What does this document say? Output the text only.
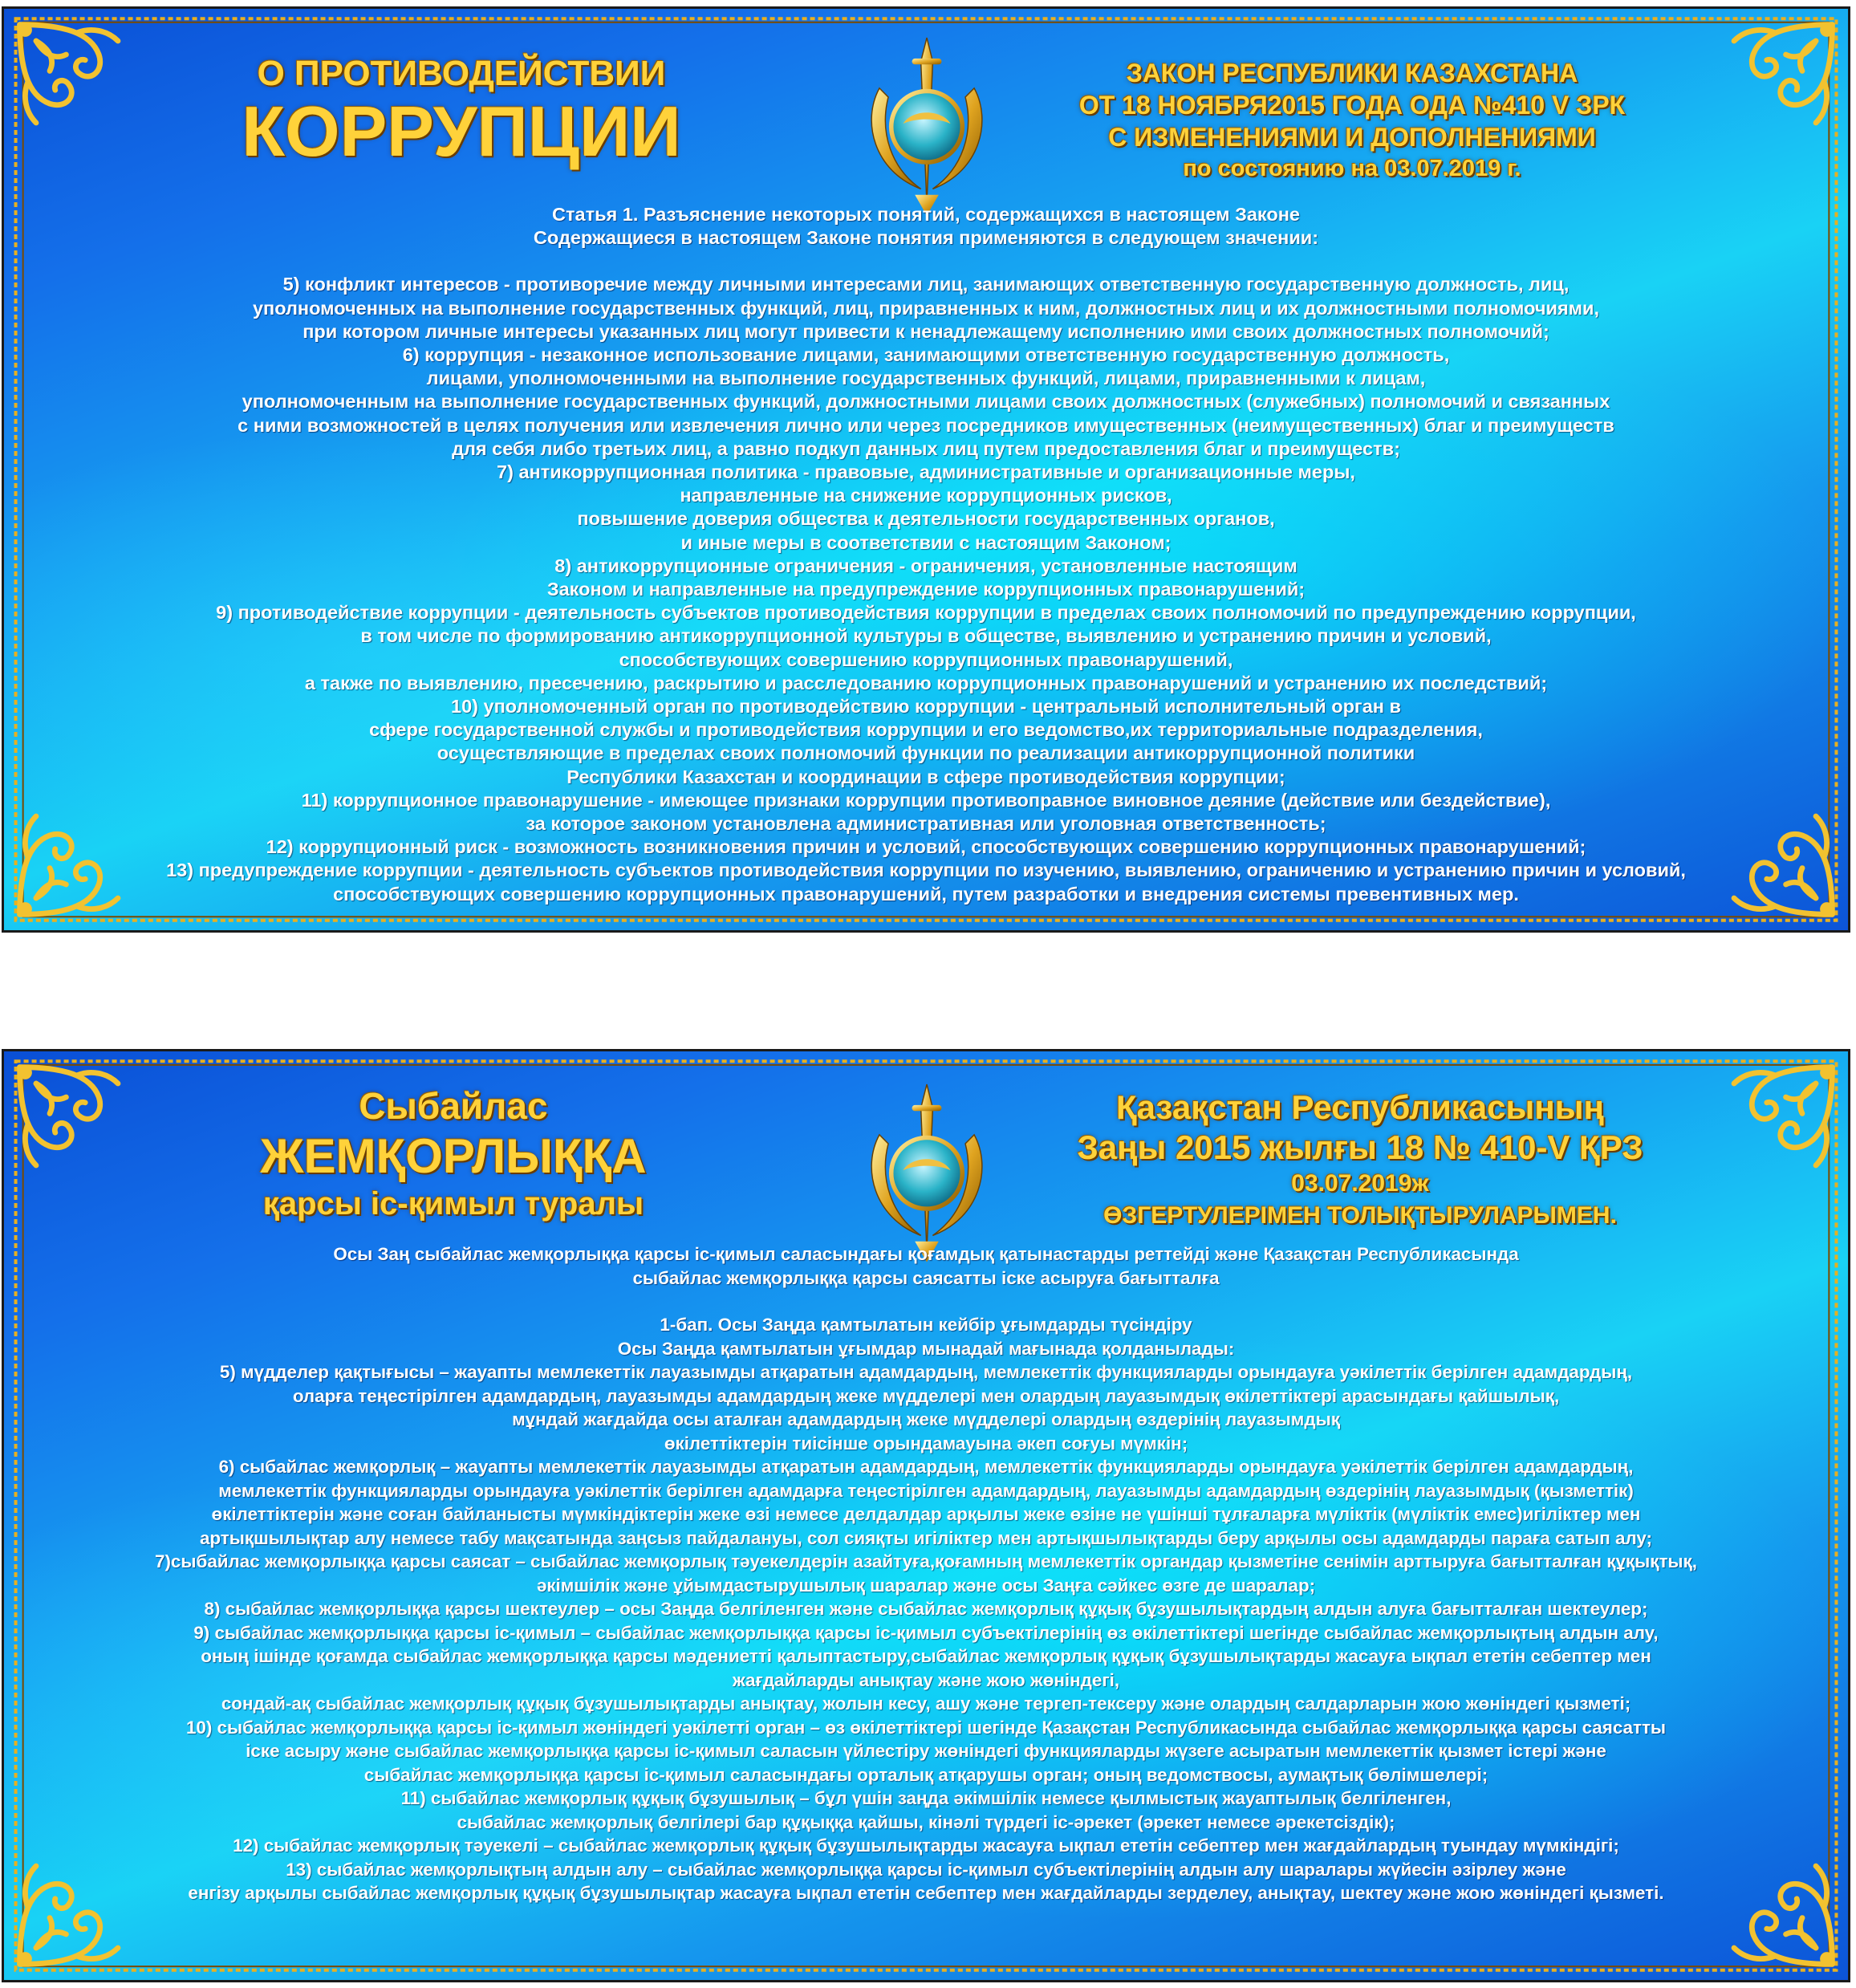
О ПРОТИВОДЕЙСТВИИ
КОРРУПЦИИ
ЗАКОН РЕСПУБЛИКИ КАЗАХСТАНА
ОТ 18 НОЯБРЯ2015 ГОДА ОДА №410 V ЗРК
С ИЗМЕНЕНИЯМИ И ДОПОЛНЕНИЯМИ
по состоянию на 03.07.2019 г.

Статья 1. Разъяснение некоторых понятий, содержащихся в настоящем Законе

Содержащиеся в настоящем Законе понятия применяются в следующем значении:

5) конфликт интересов - противоречие между личными интересами лиц, занимающих ответственную государственную должность, лиц,

уполномоченных на выполнение государственных функций, лиц, приравненных к ним, должностных лиц и их должностными полномочиями,

при котором личные интересы указанных лиц могут привести к ненадлежащему исполнению ими своих должностных полномочий;

6) коррупция - незаконное использование лицами, занимающими ответственную государственную должность,

лицами, уполномоченными на выполнение государственных функций, лицами, приравненными к лицам,

уполномоченным на выполнение государственных функций, должностными лицами своих должностных (служебных) полномочий и связанных

с ними возможностей в целях получения или извлечения лично или через посредников имущественных (неимущественных) благ и преимуществ

для себя либо третьих лиц, а равно подкуп данных лиц путем предоставления благ и преимуществ;

7) антикоррупционная политика - правовые, административные и организационные меры,

направленные на снижение коррупционных рисков,

повышение доверия общества к деятельности государственных органов,

и иные меры в соответствии с настоящим Законом;

8) антикоррупционные ограничения - ограничения, установленные настоящим

Законом и направленные на предупреждение коррупционных правонарушений;

9) противодействие коррупции - деятельность субъектов противодействия коррупции в пределах своих полномочий по предупреждению коррупции,

в том числе по формированию антикоррупционной культуры в обществе, выявлению и устранению причин и условий,

способствующих совершению коррупционных правонарушений,

а также по выявлению, пресечению, раскрытию и расследованию коррупционных правонарушений и устранению их последствий;

10) уполномоченный орган по противодействию коррупции - центральный исполнительный орган в

сфере государственной службы и противодействия коррупции и его ведомство,их территориальные подразделения,

осуществляющие в пределах своих полномочий функции по реализации антикоррупционной политики

Республики Казахстан и координации в сфере противодействия коррупции;

11) коррупционное правонарушение - имеющее признаки коррупции противоправное виновное деяние (действие или бездействие),

за которое законом установлена административная или уголовная ответственность;

12) коррупционный риск - возможность возникновения причин и условий, способствующих совершению коррупционных правонарушений;

13) предупреждение коррупции - деятельность субъектов противодействия коррупции по изучению, выявлению, ограничению и устранению причин и условий,

способствующих совершению коррупционных правонарушений, путем разработки и внедрения системы превентивных мер.

Сыбайлас
ЖЕМҚОРЛЫҚҚА
қарсы іс-қимыл туралы
Қазақстан Республикасының
Заңы 2015 жылғы 18 № 410-V ҚРЗ
03.07.2019ж
ӨЗГЕРТУЛЕРІМЕН ТОЛЫҚТЫРУЛАРЫМЕН.

Осы Заң сыбайлас жемқорлыққа қарсы іс-қимыл саласындағы қоғамдық қатынастарды реттейді және Қазақстан Республикасында

сыбайлас жемқорлыққа қарсы саясатты іске асыруға бағытталға

1-бап. Осы Заңда қамтылатын кейбір ұғымдарды түсіндіру

Осы Заңда қамтылатын ұғымдар мынадай мағынада қолданылады:

5) мүдделер қақтығысы – жауапты мемлекеттік лауазымды атқаратын адамдардың, мемлекеттік функцияларды орындауға уәкілеттік берілген адамдардың,

оларға теңестірілген адамдардың, лауазымды адамдардың жеке мүдделері мен олардың лауазымдық өкілеттіктері арасындағы қайшылық,

мұндай жағдайда осы аталған адамдардың жеке мүдделері олардың өздерінің лауазымдық

өкілеттіктерін тиісінше орындамауына әкеп соғуы мүмкін;

6) сыбайлас жемқорлық – жауапты мемлекеттік лауазымды атқаратын адамдардың, мемлекеттік функцияларды орындауға уәкілеттік берілген адамдардың,

мемлекеттік функцияларды орындауға уәкілеттік берілген адамдарға теңестірілген адамдардың, лауазымды адамдардың өздерінің лауазымдық (қызметтік)

өкілеттіктерін және соған байланысты мүмкіндіктерін жеке өзі немесе делдалдар арқылы жеке өзіне не үшінші тұлғаларға мүліктік (мүліктік емес)игіліктер мен

артықшылықтар алу немесе табу мақсатында заңсыз пайдалануы, сол сияқты игіліктер мен артықшылықтарды беру арқылы осы адамдарды параға сатып алу;

7)сыбайлас жемқорлыққа қарсы саясат – сыбайлас жемқорлық тәуекелдерін азайтуға,қоғамның мемлекеттік органдар қызметіне сенімін арттыруға бағытталған құқықтық,

әкімшілік және ұйымдастырушылық шаралар және осы Заңға сәйкес өзге де шаралар;

8) сыбайлас жемқорлыққа қарсы шектеулер – осы Заңда белгіленген және сыбайлас жемқорлық құқық бұзушылықтардың алдын алуға бағытталған шектеулер;

9) сыбайлас жемқорлыққа қарсы іс-қимыл – сыбайлас жемқорлыққа қарсы іс-қимыл субъектілерінің өз өкілеттіктері шегінде сыбайлас жемқорлықтың алдын алу,

оның ішінде қоғамда сыбайлас жемқорлыққа қарсы мәдениетті қалыптастыру,сыбайлас жемқорлық құқық бұзушылықтарды жасауға ықпал ететін себептер мен

жағдайларды анықтау және жою жөніндегі,

сондай-ақ сыбайлас жемқорлық құқық бұзушылықтарды анықтау, жолын кесу, ашу және тергеп-тексеру және олардың салдарларын жою жөніндегі қызметі;

10) сыбайлас жемқорлыққа қарсы іс-қимыл жөніндегі уәкілетті орган – өз өкілеттіктері шегінде Қазақстан Республикасында сыбайлас жемқорлыққа қарсы саясатты

іске асыру және сыбайлас жемқорлыққа қарсы іс-қимыл саласын үйлестіру жөніндегі функцияларды жүзеге асыратын мемлекеттік қызмет істері және

сыбайлас жемқорлыққа қарсы іс-қимыл саласындағы орталық атқарушы орган; оның ведомствосы, аумақтық бөлімшелері;

11) сыбайлас жемқорлық құқық бұзушылық – бұл үшін заңда әкімшілік немесе қылмыстық жауаптылық белгіленген,

сыбайлас жемқорлық белгілері бар құқыққа қайшы, кінәлі түрдегі іс-әрекет (әрекет немесе әрекетсіздік);

12) сыбайлас жемқорлық тәуекелі – сыбайлас жемқорлық құқық бұзушылықтарды жасауға ықпал ететін себептер мен жағдайлардың туындау мүмкіндігі;

13) сыбайлас жемқорлықтың алдын алу – сыбайлас жемқорлыққа қарсы іс-қимыл субъектілерінің алдын алу шаралары жүйесін әзірлеу және

енгізу арқылы сыбайлас жемқорлық құқық бұзушылықтар жасауға ықпал ететін себептер мен жағдайларды зерделеу, анықтау, шектеу және жою жөніндегі қызметі.
